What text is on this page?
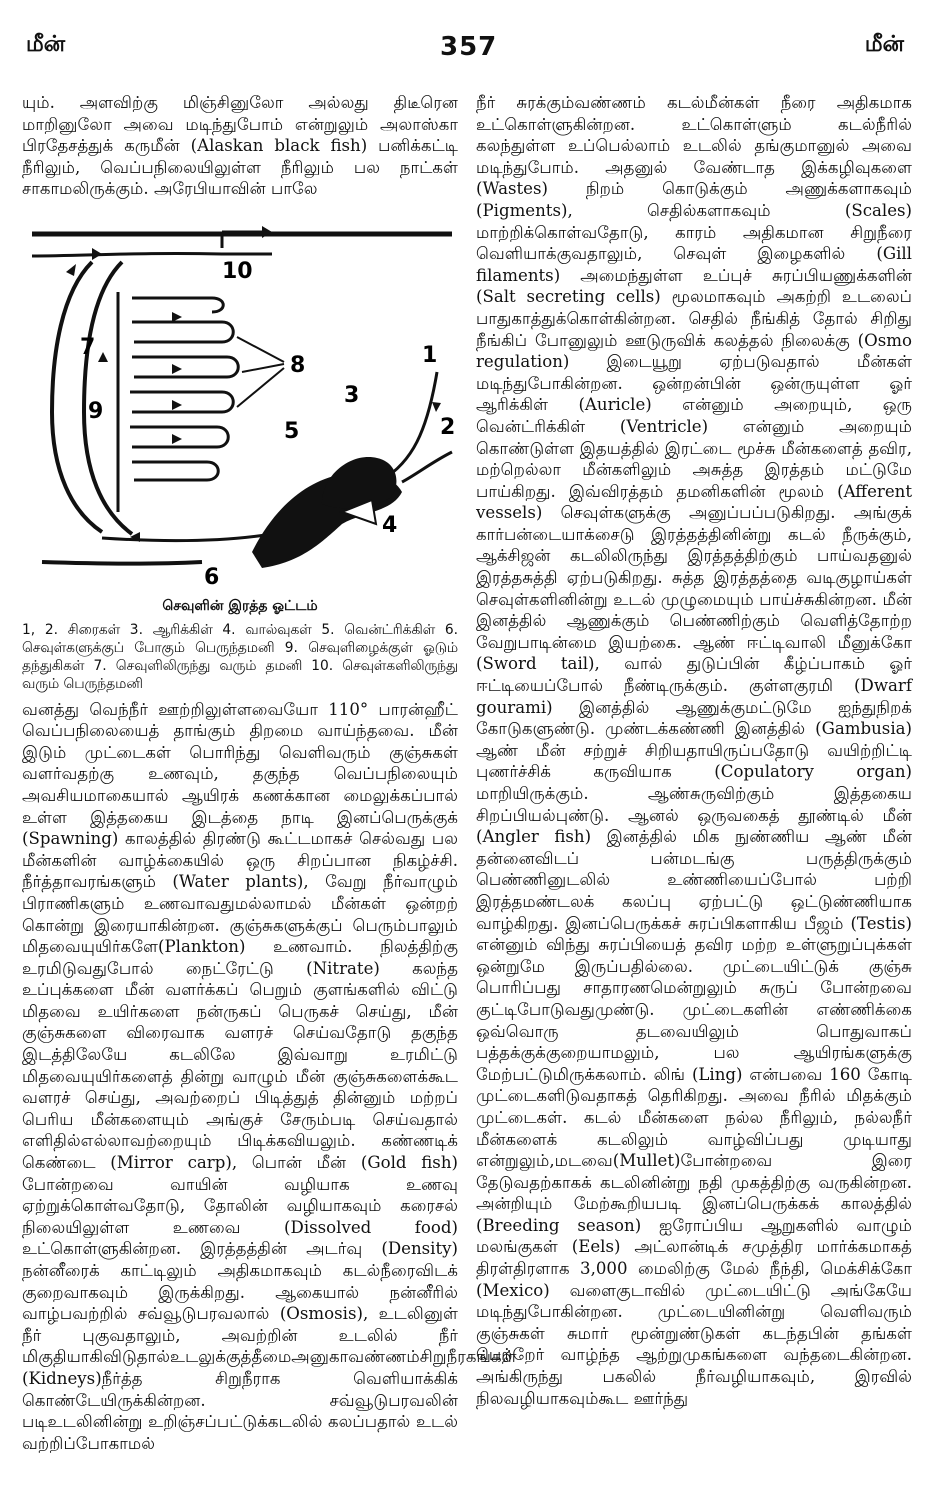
மீன்	357	மீன்

யும். அளவிற்கு மிஞ்சினுலோ அல்லது திடீரென மாறினுலோ அவை மடிந்துபோம் என்றுலும் அலாஸ்கா பிரதேசத்துக் கருமீன் (Alaskan black fish) பனிக்கட்டி நீரிலும், வெப்பநிலையிலுள்ள நீரிலும் பல நாட்கள் சாகாமலிருக்கும். அரேபியாவின் பாலே

10
1
7
8
3
2
9
5
4
6

செவுளின் இரத்த ஓட்டம்

1, 2. சிரைகள் 3. ஆரிக்கிள் 4. வால்வுகள் 5. வென்ட்ரிக்கிள் 6. செவுள்களுக்குப் போகும் பெருந்தமனி 9. செவுளிழைக்குள் ஓடும் தந்துகிகள் 7. செவுளிலிருந்து வரும் தமனி 10. செவுள்களிலிருந்து வரும் பெருந்தமனி

வனத்து வெந்நீர் ஊற்றிலுள்ளவையோ 110° பாரன்ஹீட் வெப்பநிலையைத் தாங்கும் திறமை வாய்ந்தவை. மீன் இடும் முட்டைகள் பொரிந்து வெளிவரும் குஞ்சுகள் வளர்வதற்கு உணவும், தகுந்த வெப்பநிலையும் அவசியமாகையால் ஆயிரக் கணக்கான மைலுக்கப்பால் உள்ள இத்தகைய இடத்தை நாடி இனப்பெருக்குக் (Spawning) காலத்தில் திரண்டு கூட்டமாகச் செல்வது பல மீன்களின் வாழ்க்கையில் ஒரு சிறப்பான நிகழ்ச்சி. நீர்த்தாவரங்களும் (Water plants), வேறு நீர்வாழும் பிராணிகளும் உணவாவதுமல்லாமல் மீன்கள் ஒன்றற் கொன்று இரையாகின்றன. குஞ்சுகளுக்குப் பெரும்பாலும் மிதவையுயிர்களே(Plankton) உணவாம். நிலத்திற்கு உரமிடுவதுபோல் நைட்ரேட்டு (Nitrate) கலந்த உப்புக்களை மீன் வளர்க்கப் பெறும் குளங்களில் விட்டு மிதவை உயிர்களை நன்ருகப் பெருகச் செய்து, மீன் குஞ்சுகளை விரைவாக வளரச் செய்வதோடு தகுந்த இடத்திலேயே கடலிலே இவ்வாறு உரமிட்டு மிதவையுயிர்களைத் தின்று வாழும் மீன் குஞ்சுகளைக்கூட வளரச் செய்து, அவற்றைப் பிடித்துத் தின்னும் மற்றப் பெரிய மீன்களையும் அங்குச் சேரும்படி செய்வதால் எளிதில்எல்லாவற்றையும் பிடிக்கவியலும். கண்ணடிக் கெண்டை (Mirror carp), பொன் மீன் (Gold fish) போன்றவை வாயின் வழியாக உணவு ஏற்றுக்கொள்வதோடு, தோலின் வழியாகவும் கரைசல் நிலையிலுள்ள உணவை (Dissolved food) உட்கொள்ளுகின்றன. இரத்தத்தின் அடர்வு (Density) நன்னீரைக் காட்டிலும் அதிகமாகவும் கடல்நீரைவிடக் குறைவாகவும் இருக்கிறது. ஆகையால் நன்னீரில் வாழ்பவற்றில் சவ்வூடுபரவலால் (Osmosis), உடலினுள் நீர் புகுவதாலும், அவற்றின் உடலில் நீர் மிகுதியாகிவிடுதால்உடலுக்குத்தீமைஅனுகாவண்ணம்சிறுநீரகங்கள் (Kidneys)நீர்த்த சிறுநீராக வெளியாக்கிக் கொண்டேயிருக்கின்றன. சவ்வூடுபரவலின் படிஉடலினின்று உறிஞ்சப்பட்டுக்கடலில் கலப்பதால் உடல் வற்றிப்போகாமல்

நீர் சுரக்கும்வண்ணம் கடல்மீன்கள் நீரை அதிகமாக உட்கொள்ளுகின்றன. உட்கொள்ளும் கடல்நீரில் கலந்துள்ள உப்பெல்லாம் உடலில் தங்குமானுல் அவை மடிந்துபோம். அதனுல் வேண்டாத இக்கழிவுகளை (Wastes) நிறம் கொடுக்கும் அணுக்களாகவும் (Pigments), செதில்களாகவும் (Scales) மாற்றிக்கொள்வதோடு, காரம் அதிகமான சிறுநீரை வெளியாக்குவதாலும், செவுள் இழைகளில் (Gill filaments) அமைந்துள்ள உப்புச் சுரப்பியணுக்களின் (Salt secreting cells) மூலமாகவும் அகற்றி உடலைப் பாதுகாத்துக்கொள்கின்றன. செதில் நீங்கித் தோல் சிறிது நீங்கிப் போனுலும் ஊடுருவிக் கலத்தல் நிலைக்கு (Osmo regulation) இடையூறு ஏற்படுவதால் மீன்கள் மடிந்துபோகின்றன. ஒன்றன்பின் ஒன்ருயுள்ள ஓர் ஆரிக்கிள் (Auricle) என்னும் அறையும், ஒரு வென்ட்ரிக்கிள் (Ventricle) என்னும் அறையும் கொண்டுள்ள இதயத்தில் இரட்டை மூச்சு மீன்களைத் தவிர, மற்றெல்லா மீன்களிலும் அசுத்த இரத்தம் மட்டுமே பாய்கிறது. இவ்விரத்தம் தமனிகளின் மூலம் (Afferent vessels) செவுள்களுக்கு அனுப்பப்படுகிறது. அங்குக் கார்பன்டையாக்சைடு இரத்தத்தினின்று கடல் நீருக்கும், ஆக்சிஜன் கடலிலிருந்து இரத்தத்திற்கும் பாய்வதனுல் இரத்தசுத்தி ஏற்படுகிறது. சுத்த இரத்தத்தை வடிகுழாய்கள் செவுள்களினின்று உடல் முழுமையும் பாய்ச்சுகின்றன. மீன் இனத்தில் ஆணுக்கும் பெண்ணிற்கும் வெளித்தோற்ற வேறுபாடின்மை இயற்கை. ஆண் ஈட்டிவாலி மீனுக்கோ (Sword tail), வால் துடுப்பின் கீழ்ப்பாகம் ஓர் ஈட்டியைப்போல் நீண்டிருக்கும். குள்ளகுரமி (Dwarf gourami) இனத்தில் ஆணுக்குமட்டுமே ஐந்துநிறக் கோடுகளுண்டு. முண்டக்கண்ணி இனத்தில் (Gambusia) ஆண் மீன் சற்றுச் சிறியதாயிருப்பதோடு வயிற்றிட்டி புணர்ச்சிக் கருவியாக (Copulatory organ) மாறியிருக்கும். ஆண்சுருவிற்கும் இத்தகைய சிறப்பியல்புண்டு. ஆனல் ஒருவகைத் தூண்டில் மீன் (Angler fish) இனத்தில் மிக நுண்ணிய ஆண் மீன் தன்னைவிடப் பன்மடங்கு பருத்திருக்கும் பெண்ணினுடலில் உண்ணியைப்போல் பற்றி இரத்தமண்டலக் கலப்பு ஏற்பட்டு ஒட்டுண்ணியாக வாழ்கிறது. இனப்பெருக்கச் சுரப்பிகளாகிய பீஜம் (Testis) என்னும் விந்து சுரப்பியைத் தவிர மற்ற உள்ளுறுப்புக்கள் ஒன்றுமே இருப்பதில்லை. முட்டையிட்டுக் குஞ்சு பொரிப்பது சாதாரணமென்றுலும் சுருப் போன்றவை குட்டிபோடுவதுமுண்டு. முட்டைகளின் எண்ணிக்கை ஒவ்வொரு தடவையிலும் பொதுவாகப் பத்தக்குக்குறையாமலும், பல ஆயிரங்களுக்கு மேற்பட்டுமிருக்கலாம். லிங் (Ling) என்பவை 160 கோடி முட்டைகளிடுவதாகத் தெரிகிறது. அவை நீரில் மிதக்கும் முட்டைகள். கடல் மீன்களை நல்ல நீரிலும், நல்லநீர் மீன்களைக் கடலிலும் வாழ்விப்பது முடியாது என்றுலும்,மடவை(Mullet)போன்றவை இரை தேடுவதற்காகக் கடலினின்று நதி முகத்திற்கு வருகின்றன. அன்றியும் மேற்கூறியபடி இனப்பெருக்கக் காலத்தில் (Breeding season) ஐரோப்பிய ஆறுகளில் வாழும் மலங்குகள் (Eels) அட்லான்டிக் சமுத்திர மார்க்கமாகத் திரள்திரளாக 3,000 மைலிற்கு மேல் நீந்தி, மெக்சிக்கோ (Mexico) வளைகுடாவில் முட்டையிட்டு அங்கேயே மடிந்துபோகின்றன. முட்டையினின்று வெளிவரும் குஞ்சுகள் சுமார் மூன்றுண்டுகள் கடந்தபின் தங்கள் பெற்றேர் வாழ்ந்த ஆற்றுமுகங்களை வந்தடைகின்றன. அங்கிருந்து பகலில் நீர்வழியாகவும், இரவில் நிலவழியாகவும்கூட ஊர்ந்து
